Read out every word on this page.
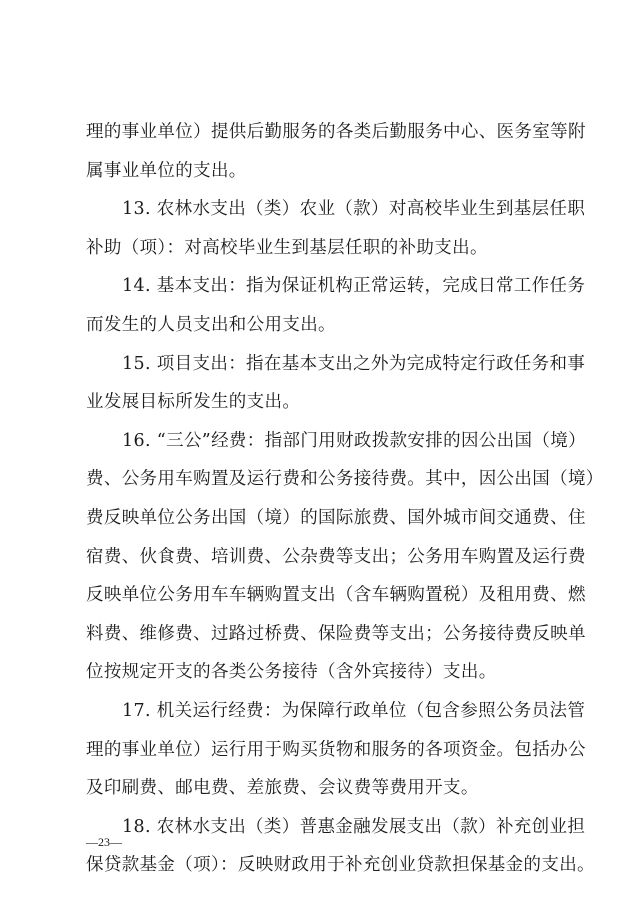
理的事业单位）提供后勤服务的各类后勤服务中心、医务室等附
属事业单位的支出。
13. 农林水支出（类）农业（款）对高校毕业生到基层任职
补助（项）：对高校毕业生到基层任职的补助支出。
14. 基本支出：指为保证机构正常运转，完成日常工作任务
而发生的人员支出和公用支出。
15. 项目支出：指在基本支出之外为完成特定行政任务和事
业发展目标所发生的支出。
16. “三公”经费：指部门用财政拨款安排的因公出国（境）
费、公务用车购置及运行费和公务接待费。其中，因公出国（境）
费反映单位公务出国（境）的国际旅费、国外城市间交通费、住
宿费、伙食费、培训费、公杂费等支出；公务用车购置及运行费
反映单位公务用车车辆购置支出（含车辆购置税）及租用费、燃
料费、维修费、过路过桥费、保险费等支出；公务接待费反映单
位按规定开支的各类公务接待（含外宾接待）支出。
17. 机关运行经费：为保障行政单位（包含参照公务员法管
理的事业单位）运行用于购买货物和服务的各项资金。包括办公
及印刷费、邮电费、差旅费、会议费等费用开支。
18. 农林水支出（类）普惠金融发展支出（款）补充创业担
保贷款基金（项）：反映财政用于补充创业贷款担保基金的支出。
—23—
